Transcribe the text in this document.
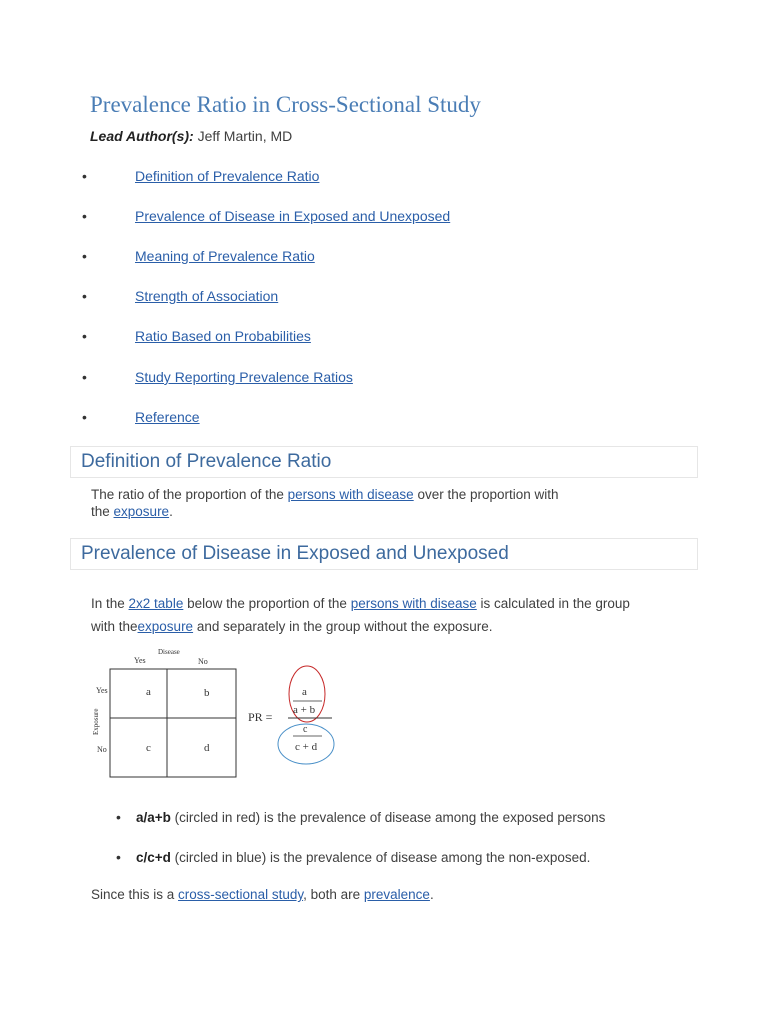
Prevalence Ratio in Cross-Sectional Study
Lead Author(s): Jeff Martin, MD
•	Definition of Prevalence Ratio
•	Prevalence of Disease in Exposed and Unexposed
•	Meaning of Prevalence Ratio
•	Strength of Association
•	Ratio Based on Probabilities
•	Study Reporting Prevalence Ratios
•	Reference
Definition of Prevalence Ratio
The ratio of the proportion of the persons with disease over the proportion with
the exposure.
Prevalence of Disease in Exposed and Unexposed
In the 2x2 table below the proportion of the persons with disease is calculated in the group
with theexposure and separately in the group without the exposure.
Disease
Yes	No
Yes
No
Exposure
a	b
c	d
PR =
a
a + b
c
c + d
• a/a+b (circled in red) is the prevalence of disease among the exposed persons
• c/c+d (circled in blue) is the prevalence of disease among the non-exposed.
Since this is a cross-sectional study, both are prevalence.
